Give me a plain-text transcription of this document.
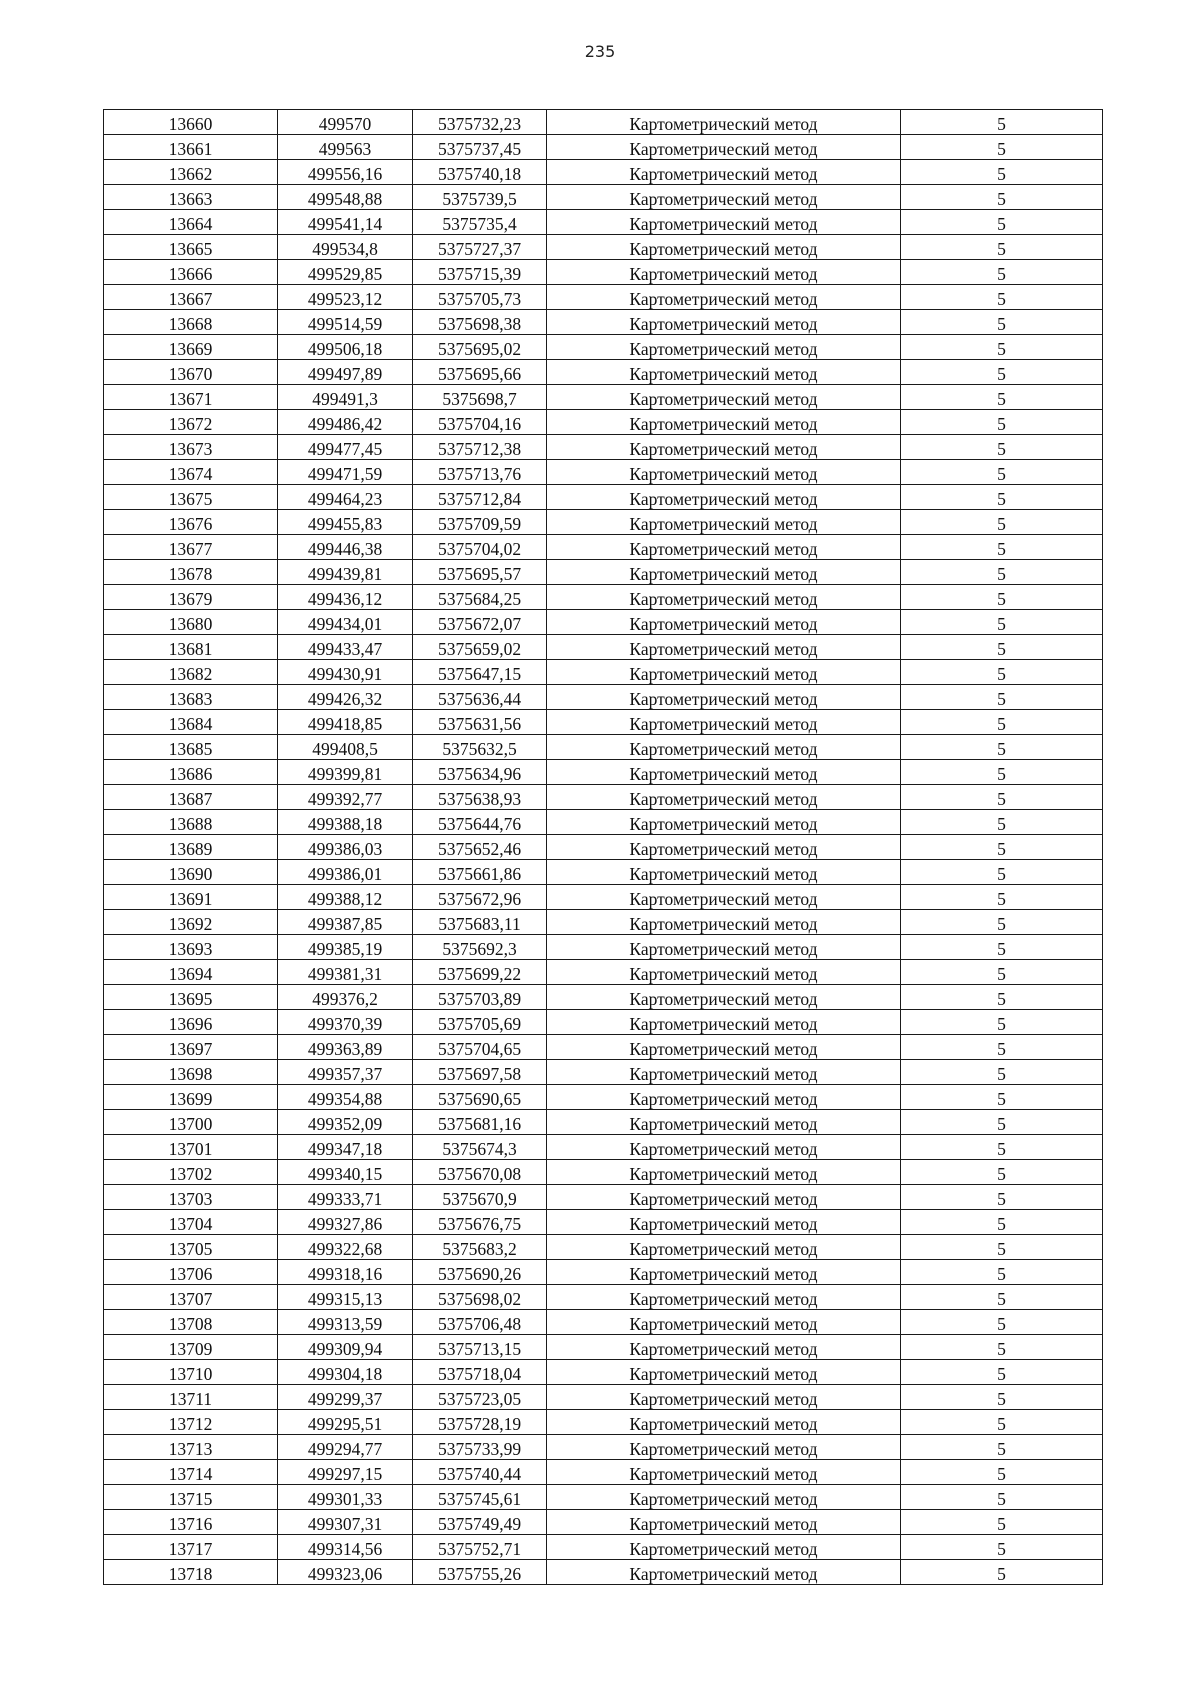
235
13660	499570	5375732,23	Картометрический метод	5
13661	499563	5375737,45	Картометрический метод	5
13662	499556,16	5375740,18	Картометрический метод	5
13663	499548,88	5375739,5	Картометрический метод	5
13664	499541,14	5375735,4	Картометрический метод	5
13665	499534,8	5375727,37	Картометрический метод	5
13666	499529,85	5375715,39	Картометрический метод	5
13667	499523,12	5375705,73	Картометрический метод	5
13668	499514,59	5375698,38	Картометрический метод	5
13669	499506,18	5375695,02	Картометрический метод	5
13670	499497,89	5375695,66	Картометрический метод	5
13671	499491,3	5375698,7	Картометрический метод	5
13672	499486,42	5375704,16	Картометрический метод	5
13673	499477,45	5375712,38	Картометрический метод	5
13674	499471,59	5375713,76	Картометрический метод	5
13675	499464,23	5375712,84	Картометрический метод	5
13676	499455,83	5375709,59	Картометрический метод	5
13677	499446,38	5375704,02	Картометрический метод	5
13678	499439,81	5375695,57	Картометрический метод	5
13679	499436,12	5375684,25	Картометрический метод	5
13680	499434,01	5375672,07	Картометрический метод	5
13681	499433,47	5375659,02	Картометрический метод	5
13682	499430,91	5375647,15	Картометрический метод	5
13683	499426,32	5375636,44	Картометрический метод	5
13684	499418,85	5375631,56	Картометрический метод	5
13685	499408,5	5375632,5	Картометрический метод	5
13686	499399,81	5375634,96	Картометрический метод	5
13687	499392,77	5375638,93	Картометрический метод	5
13688	499388,18	5375644,76	Картометрический метод	5
13689	499386,03	5375652,46	Картометрический метод	5
13690	499386,01	5375661,86	Картометрический метод	5
13691	499388,12	5375672,96	Картометрический метод	5
13692	499387,85	5375683,11	Картометрический метод	5
13693	499385,19	5375692,3	Картометрический метод	5
13694	499381,31	5375699,22	Картометрический метод	5
13695	499376,2	5375703,89	Картометрический метод	5
13696	499370,39	5375705,69	Картометрический метод	5
13697	499363,89	5375704,65	Картометрический метод	5
13698	499357,37	5375697,58	Картометрический метод	5
13699	499354,88	5375690,65	Картометрический метод	5
13700	499352,09	5375681,16	Картометрический метод	5
13701	499347,18	5375674,3	Картометрический метод	5
13702	499340,15	5375670,08	Картометрический метод	5
13703	499333,71	5375670,9	Картометрический метод	5
13704	499327,86	5375676,75	Картометрический метод	5
13705	499322,68	5375683,2	Картометрический метод	5
13706	499318,16	5375690,26	Картометрический метод	5
13707	499315,13	5375698,02	Картометрический метод	5
13708	499313,59	5375706,48	Картометрический метод	5
13709	499309,94	5375713,15	Картометрический метод	5
13710	499304,18	5375718,04	Картометрический метод	5
13711	499299,37	5375723,05	Картометрический метод	5
13712	499295,51	5375728,19	Картометрический метод	5
13713	499294,77	5375733,99	Картометрический метод	5
13714	499297,15	5375740,44	Картометрический метод	5
13715	499301,33	5375745,61	Картометрический метод	5
13716	499307,31	5375749,49	Картометрический метод	5
13717	499314,56	5375752,71	Картометрический метод	5
13718	499323,06	5375755,26	Картометрический метод	5
